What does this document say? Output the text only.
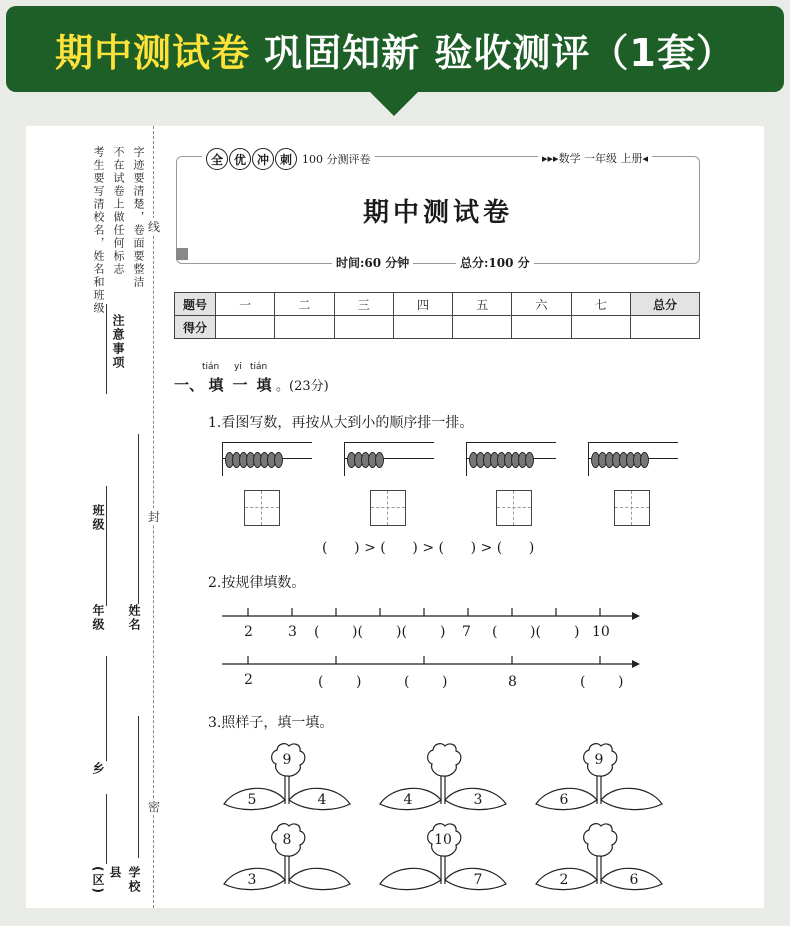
期中测试卷 巩固知新 验收测评（1套）
考生要写清校名，姓名和班级 不在试卷上做任何标志 字迹要清楚，卷面要整洁
注意事项
班级
年级 姓名
乡
县(区)	学校
线
封
密
全 优 冲 刺 100 分测评卷	▸▸▸数学 一年级 上册◂
期中测试卷
时间:60 分钟	总分:100 分
题号	一	二	三	四	五	六	七	总分
得分								
一、
tián
填
yi
一
tián
填 。(23分)
1.看图写数，再按从大到小的顺序排一排。
(      ) > (      ) > (      ) > (      )
2.按规律填数。
2	3 ( )( )( ) 7 ( )( ) 10
2	( )	( )	8	( )
3.照样子，填一填。
9
5	4	4	3
9
6
8
3
10
7	2	6
